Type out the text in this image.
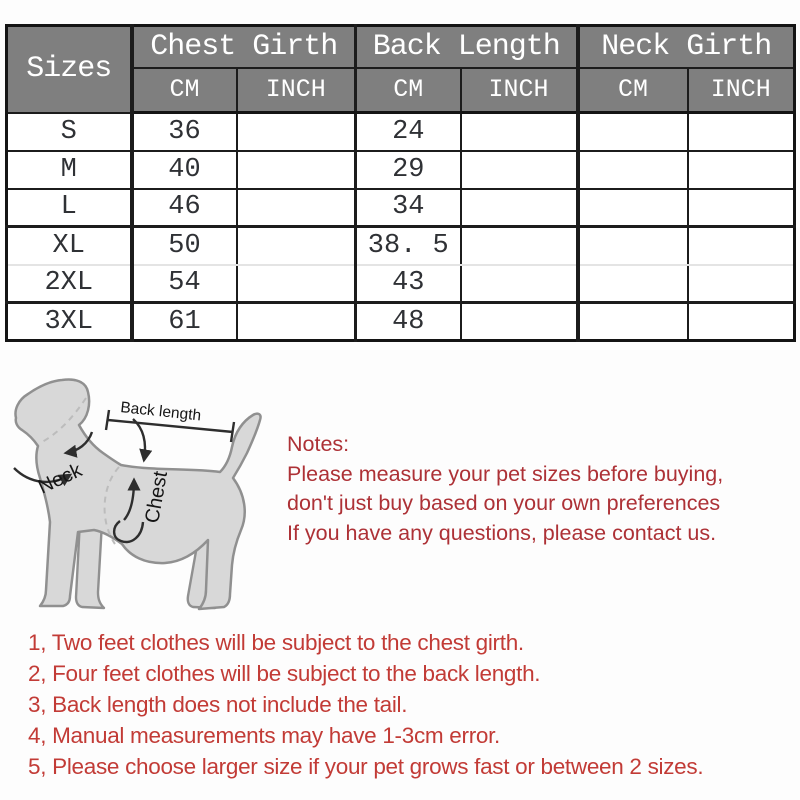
Sizes	Chest Girth		Back Length		Neck Girth	
	CM	INCH	CM	INCH	CM	INCH
S	36		24			
M	40		29			
L	46		34			
XL	50		38. 5			
2XL	54		43			
3XL	61		48			
Back length
Neck	Chest
Notes:
Please measure your pet sizes before buying,
don't just buy based on your own preferences
If you have any questions, please contact us.
1, Two feet clothes will be subject to the chest girth.
2, Four feet clothes will be subject to the back length.
3, Back length does not include the tail.
4, Manual measurements may have 1-3cm error.
5, Please choose larger size if your pet grows fast or between 2 sizes.
